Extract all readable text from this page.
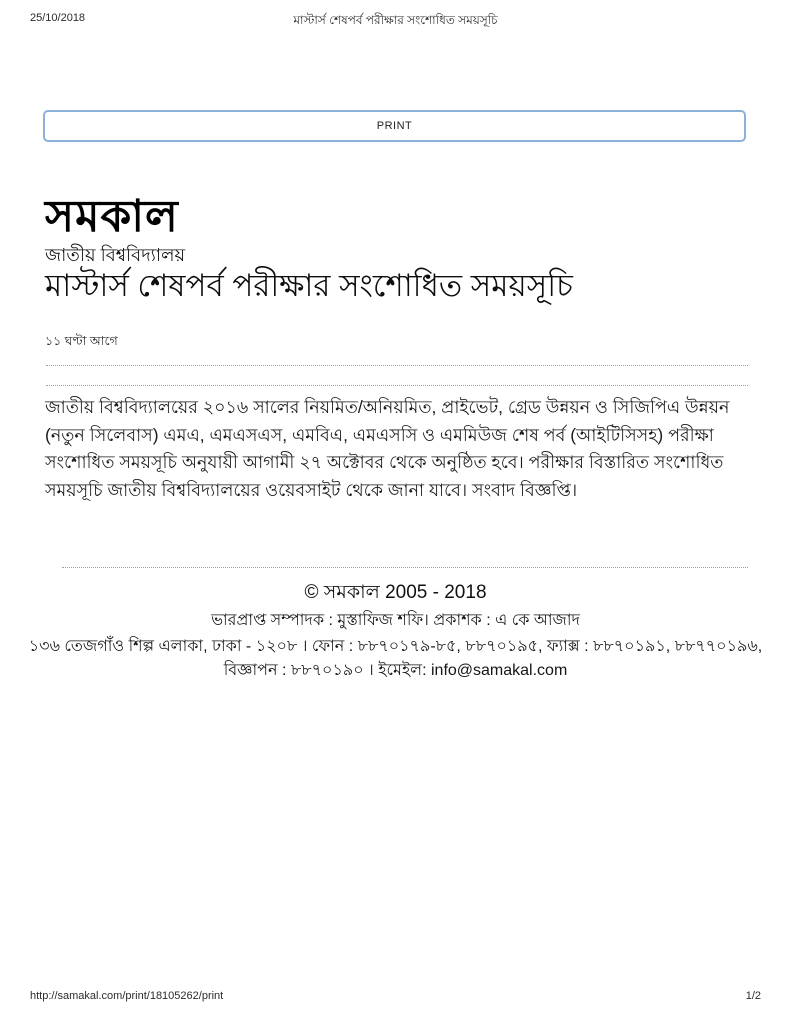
25/10/2018	মাস্টার্স শেষপর্ব পরীক্ষার সংশোধিত সময়সূচি
PRINT
সমকাল
জাতীয় বিশ্ববিদ্যালয়
মাস্টার্স শেষপর্ব পরীক্ষার সংশোধিত সময়সূচি
১১ ঘণ্টা আগে

জাতীয় বিশ্ববিদ্যালয়ের ২০১৬ সালের নিয়মিত/অনিয়মিত, প্রাইভেট, গ্রেড উন্নয়ন ও সিজিপিএ উন্নয়ন (নতুন সিলেবাস) এমএ, এমএসএস, এমবিএ, এমএসসি ও এমমিউজ শেষ পর্ব (আইটিসিসহ) পরীক্ষা সংশোধিত সময়সূচি অনুযায়ী আগামী ২৭ অক্টোবর থেকে অনুষ্ঠিত হবে। পরীক্ষার বিস্তারিত সংশোধিত সময়সূচি জাতীয় বিশ্ববিদ্যালয়ের ওয়েবসাইট থেকে জানা যাবে। সংবাদ বিজ্ঞপ্তি।

© সমকাল 2005 - 2018
ভারপ্রাপ্ত সম্পাদক : মুস্তাফিজ শফি। প্রকাশক : এ কে আজাদ
১৩৬ তেজগাঁও শিল্প এলাকা, ঢাকা - ১২০৮ । ফোন : ৮৮৭০১৭৯-৮৫, ৮৮৭০১৯৫, ফ্যাক্স : ৮৮৭০১৯১, ৮৮৭৭০১৯৬,
বিজ্ঞাপন : ৮৮৭০১৯০ । ইমেইল: info@samakal.com
http://samakal.com/print/18105262/print	1/2
